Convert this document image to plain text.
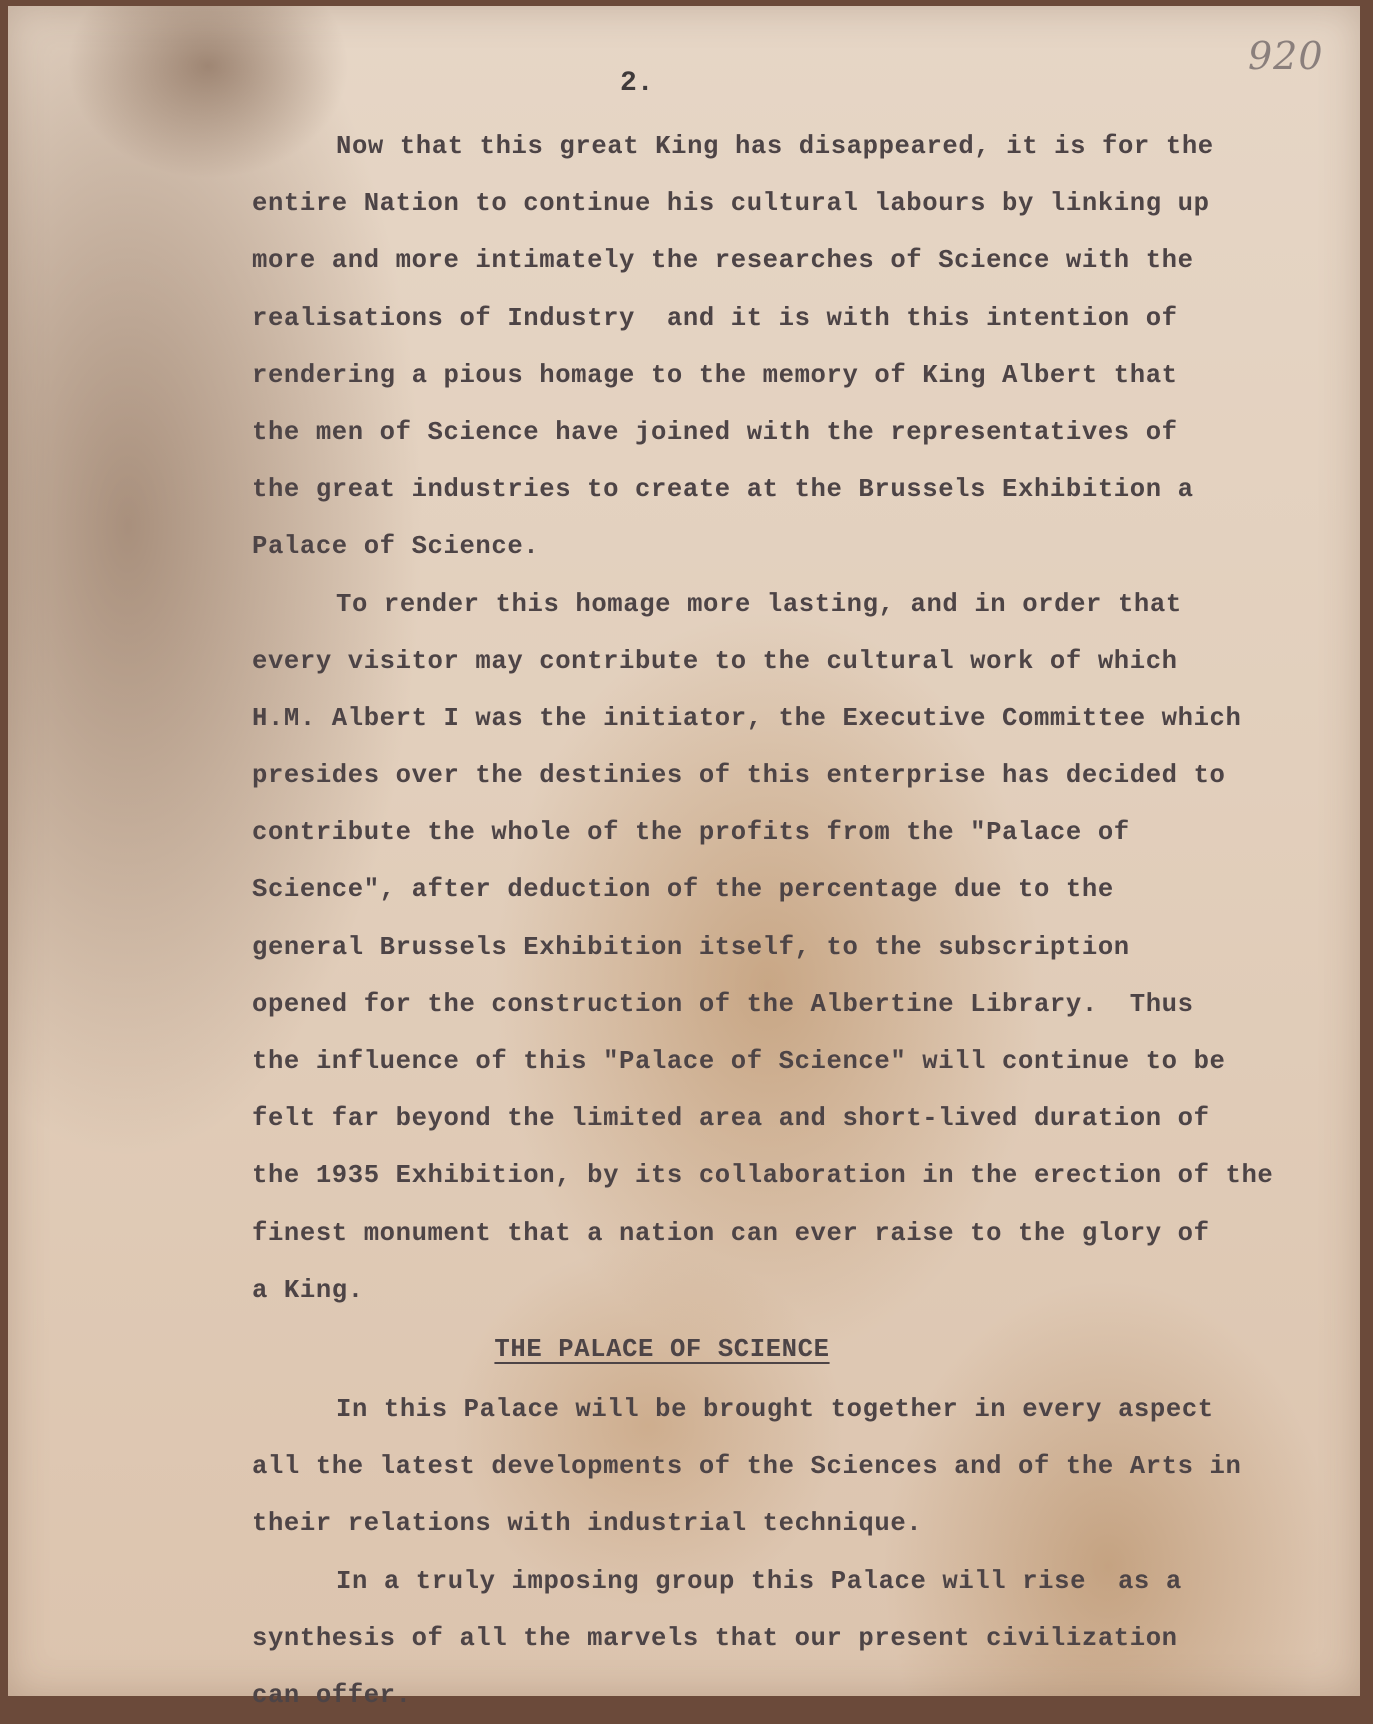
2.
920
Now that this great King has disappeared, it is for the
entire Nation to continue his cultural labours by linking up
more and more intimately the researches of Science with the
realisations of Industry  and it is with this intention of
rendering a pious homage to the memory of King Albert that
the men of Science have joined with the representatives of
the great industries to create at the Brussels Exhibition a
Palace of Science.
To render this homage more lasting, and in order that
every visitor may contribute to the cultural work of which
H.M. Albert I was the initiator, the Executive Committee which
presides over the destinies of this enterprise has decided to
contribute the whole of the profits from the "Palace of
Science", after deduction of the percentage due to the
general Brussels Exhibition itself, to the subscription
opened for the construction of the Albertine Library.  Thus
the influence of this "Palace of Science" will continue to be
felt far beyond the limited area and short-lived duration of
the 1935 Exhibition, by its collaboration in the erection of the
finest monument that a nation can ever raise to the glory of
a King.
THE PALACE OF SCIENCE
In this Palace will be brought together in every aspect
all the latest developments of the Sciences and of the Arts in
their relations with industrial technique.
In a truly imposing group this Palace will rise  as a
synthesis of all the marvels that our present civilization
can offer.
